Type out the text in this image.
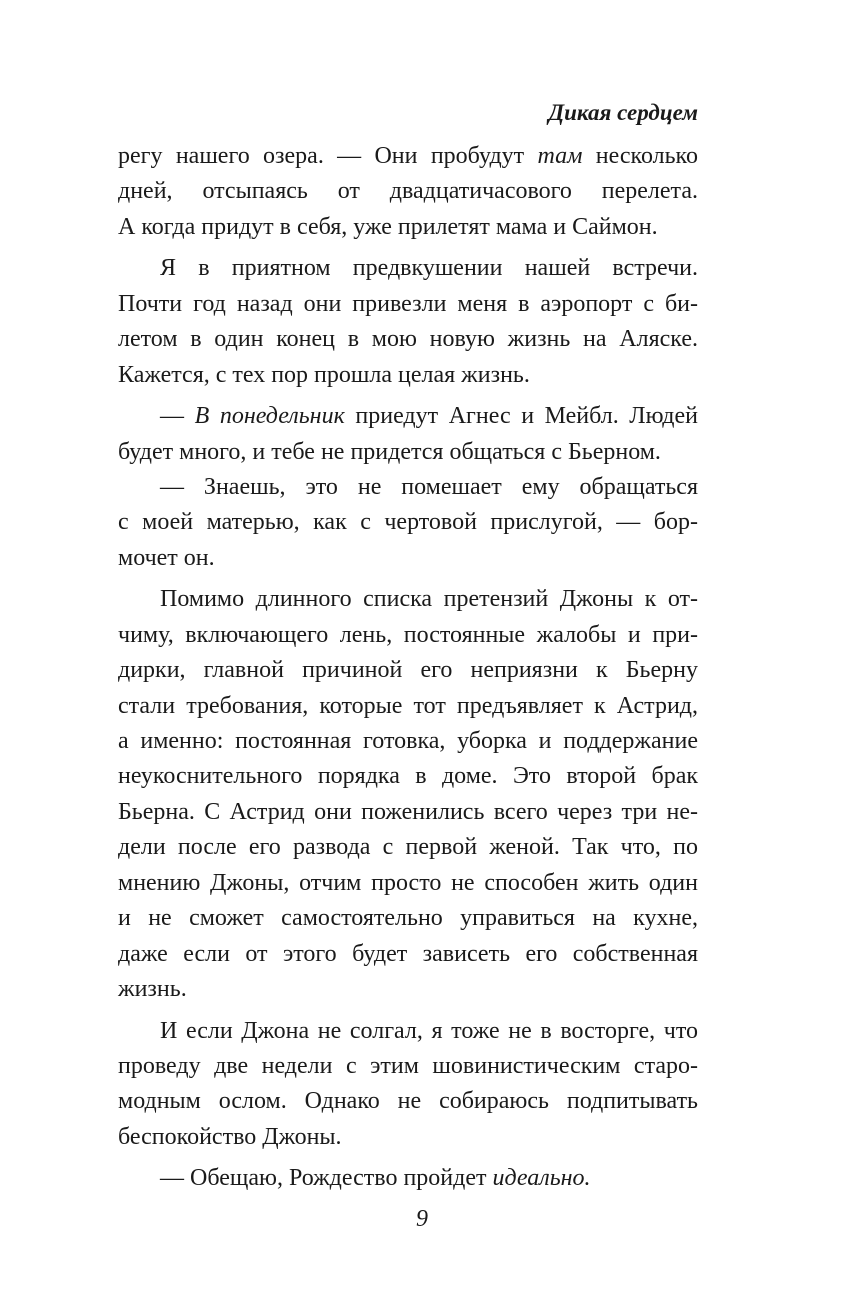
Дикая сердцем
регу нашего озера. — Они пробудут там несколько
дней, отсыпаясь от двадцатичасового перелета.
А когда придут в себя, уже прилетят мама и Саймон.
Я в приятном предвкушении нашей встречи.
Почти год назад они привезли меня в аэропорт с би-
летом в один конец в мою новую жизнь на Аляске.
Кажется, с тех пор прошла целая жизнь.
— В понедельник приедут Агнес и Мейбл. Людей
будет много, и тебе не придется общаться с Бьерном.
— Знаешь, это не помешает ему обращаться
с моей матерью, как с чертовой прислугой, — бор-
мочет он.
Помимо длинного списка претензий Джоны к от-
чиму, включающего лень, постоянные жалобы и при-
дирки, главной причиной его неприязни к Бьерну
стали требования, которые тот предъявляет к Астрид,
а именно: постоянная готовка, уборка и поддержание
неукоснительного порядка в доме. Это второй брак
Бьерна. С Астрид они поженились всего через три не-
дели после его развода с первой женой. Так что, по
мнению Джоны, отчим просто не способен жить один
и не сможет самостоятельно управиться на кухне,
даже если от этого будет зависеть его собственная
жизнь.
И если Джона не солгал, я тоже не в восторге, что
проведу две недели с этим шовинистическим старо-
модным ослом. Однако не собираюсь подпитывать
беспокойство Джоны.
— Обещаю, Рождество пройдет идеально.
9
